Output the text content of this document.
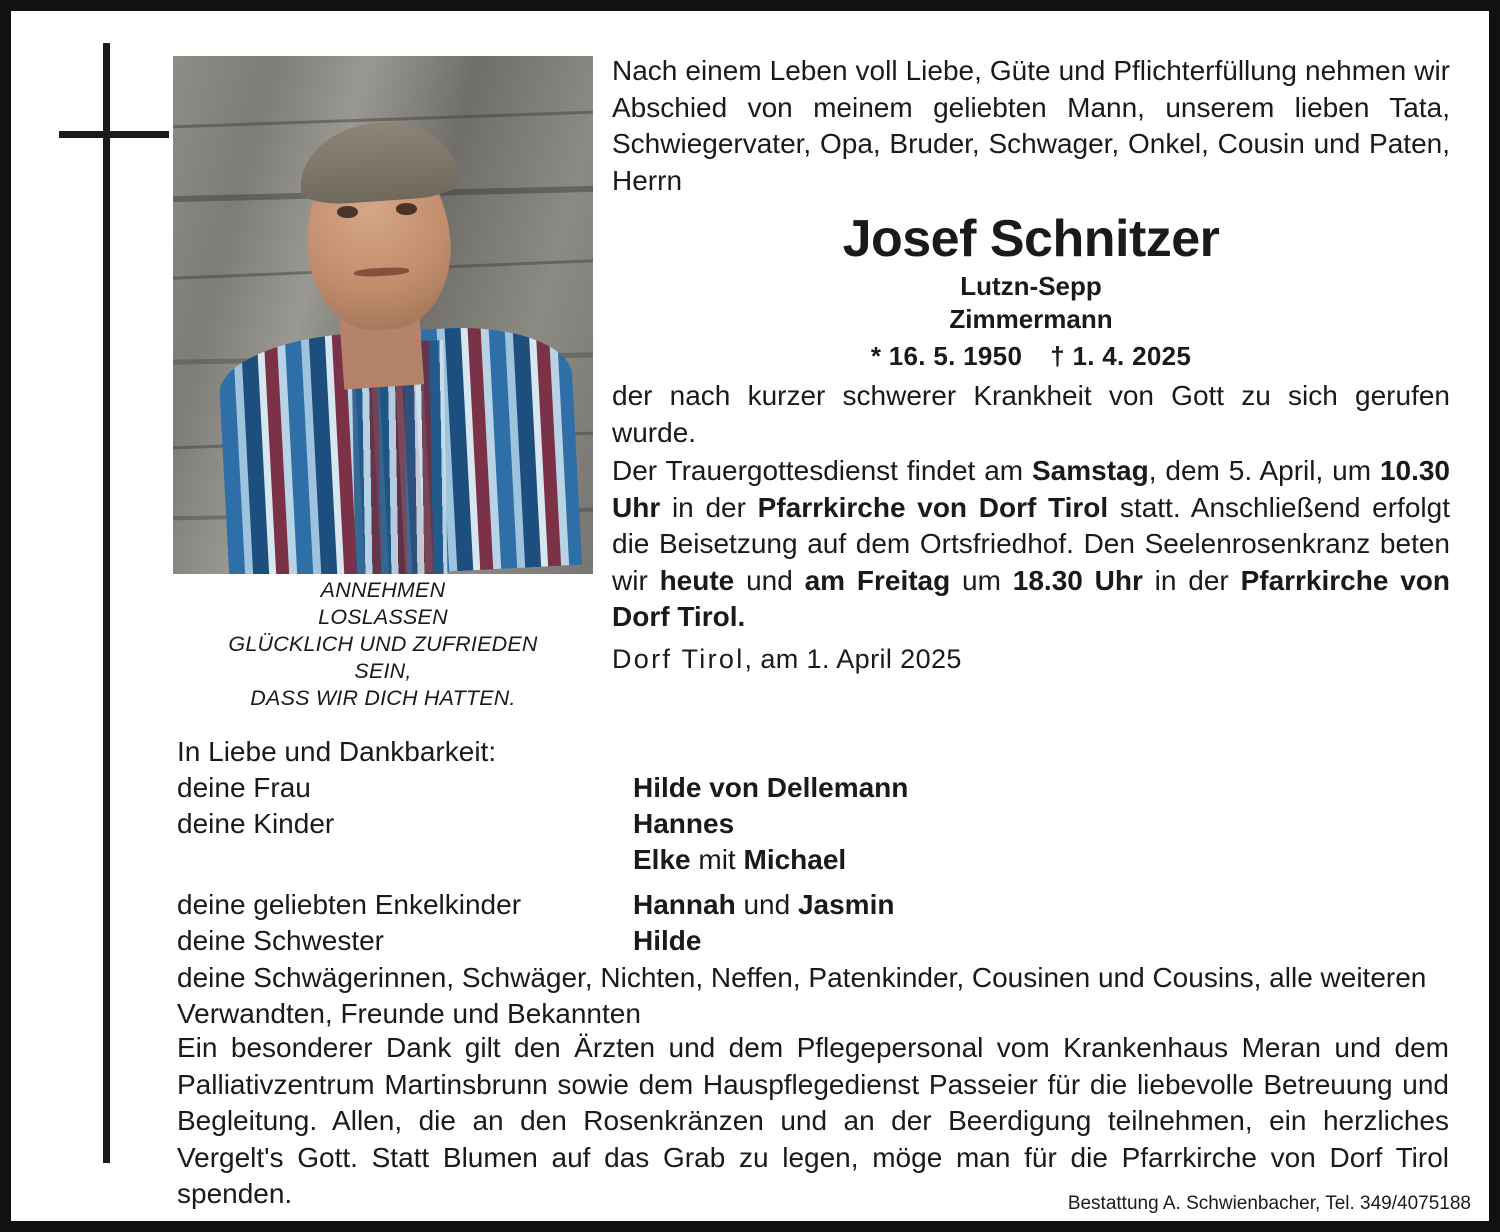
ANNEHMEN
LOSLASSEN
GLÜCKLICH UND ZUFRIEDEN
SEIN,
DASS WIR DICH HATTEN.
Nach einem Leben voll Liebe, Güte und Pflichterfüllung nehmen wir Abschied von meinem geliebten Mann, unserem lieben Tata, Schwiegervater, Opa, Bruder, Schwager, Onkel, Cousin und Paten, Herrn
Josef Schnitzer
Lutzn-Sepp
Zimmermann
* 16. 5. 1950 † 1. 4. 2025
der nach kurzer schwerer Krankheit von Gott zu sich gerufen wurde.
Der Trauergottesdienst findet am Samstag, dem 5. April, um 10.30 Uhr in der Pfarrkirche von Dorf Tirol statt. Anschließend erfolgt die Beisetzung auf dem Ortsfriedhof. Den Seelenrosenkranz beten wir heute und am Freitag um 18.30 Uhr in der Pfarrkirche von Dorf Tirol.
Dorf Tirol, am 1. April 2025
In Liebe und Dankbarkeit:
deine Frau	Hilde von Dellemann
deine Kinder	Hannes
	Elke mit Michael

deine geliebten Enkelkinder	Hannah und Jasmin
deine Schwester	Hilde
deine Schwägerinnen, Schwäger, Nichten, Neffen, Patenkinder, Cousinen und Cousins, alle weiteren Verwandten, Freunde und Bekannten
Ein besonderer Dank gilt den Ärzten und dem Pflegepersonal vom Krankenhaus Meran und dem Palliativzentrum Martinsbrunn sowie dem Hauspflegedienst Passeier für die liebevolle Betreuung und Begleitung. Allen, die an den Rosenkränzen und an der Beerdigung teilnehmen, ein herzliches Vergelt's Gott. Statt Blumen auf das Grab zu legen, möge man für die Pfarrkirche von Dorf Tirol spenden.	Bestattung A. Schwienbacher, Tel. 349/4075188
